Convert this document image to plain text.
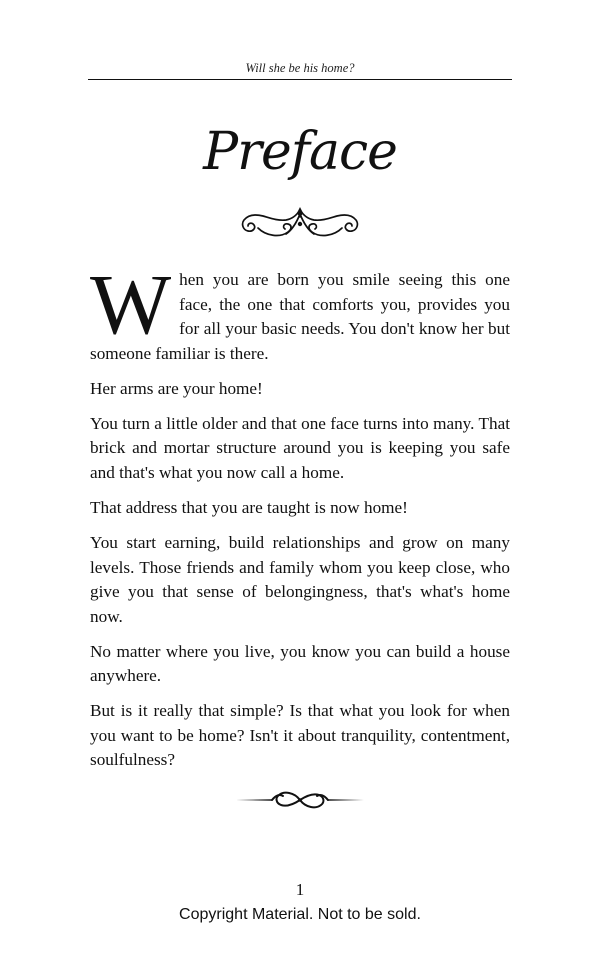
Will she be his home?
Preface

W hen you are born you smile seeing this one face, the one that comforts you, provides you for all your basic needs. You don't know her but someone familiar is there.

Her arms are your home!

You turn a little older and that one face turns into many. That brick and mortar structure around you is keeping you safe and that's what you now call a home.

That address that you are taught is now home!

You start earning, build relationships and grow on many levels. Those friends and family whom you keep close, who give you that sense of belongingness, that's what's home now.

No matter where you live, you know you can build a house anywhere.

But is it really that simple? Is that what you look for when you want to be home? Isn't it about tranquility, contentment, soulfulness?

1
Copyright Material. Not to be sold.
